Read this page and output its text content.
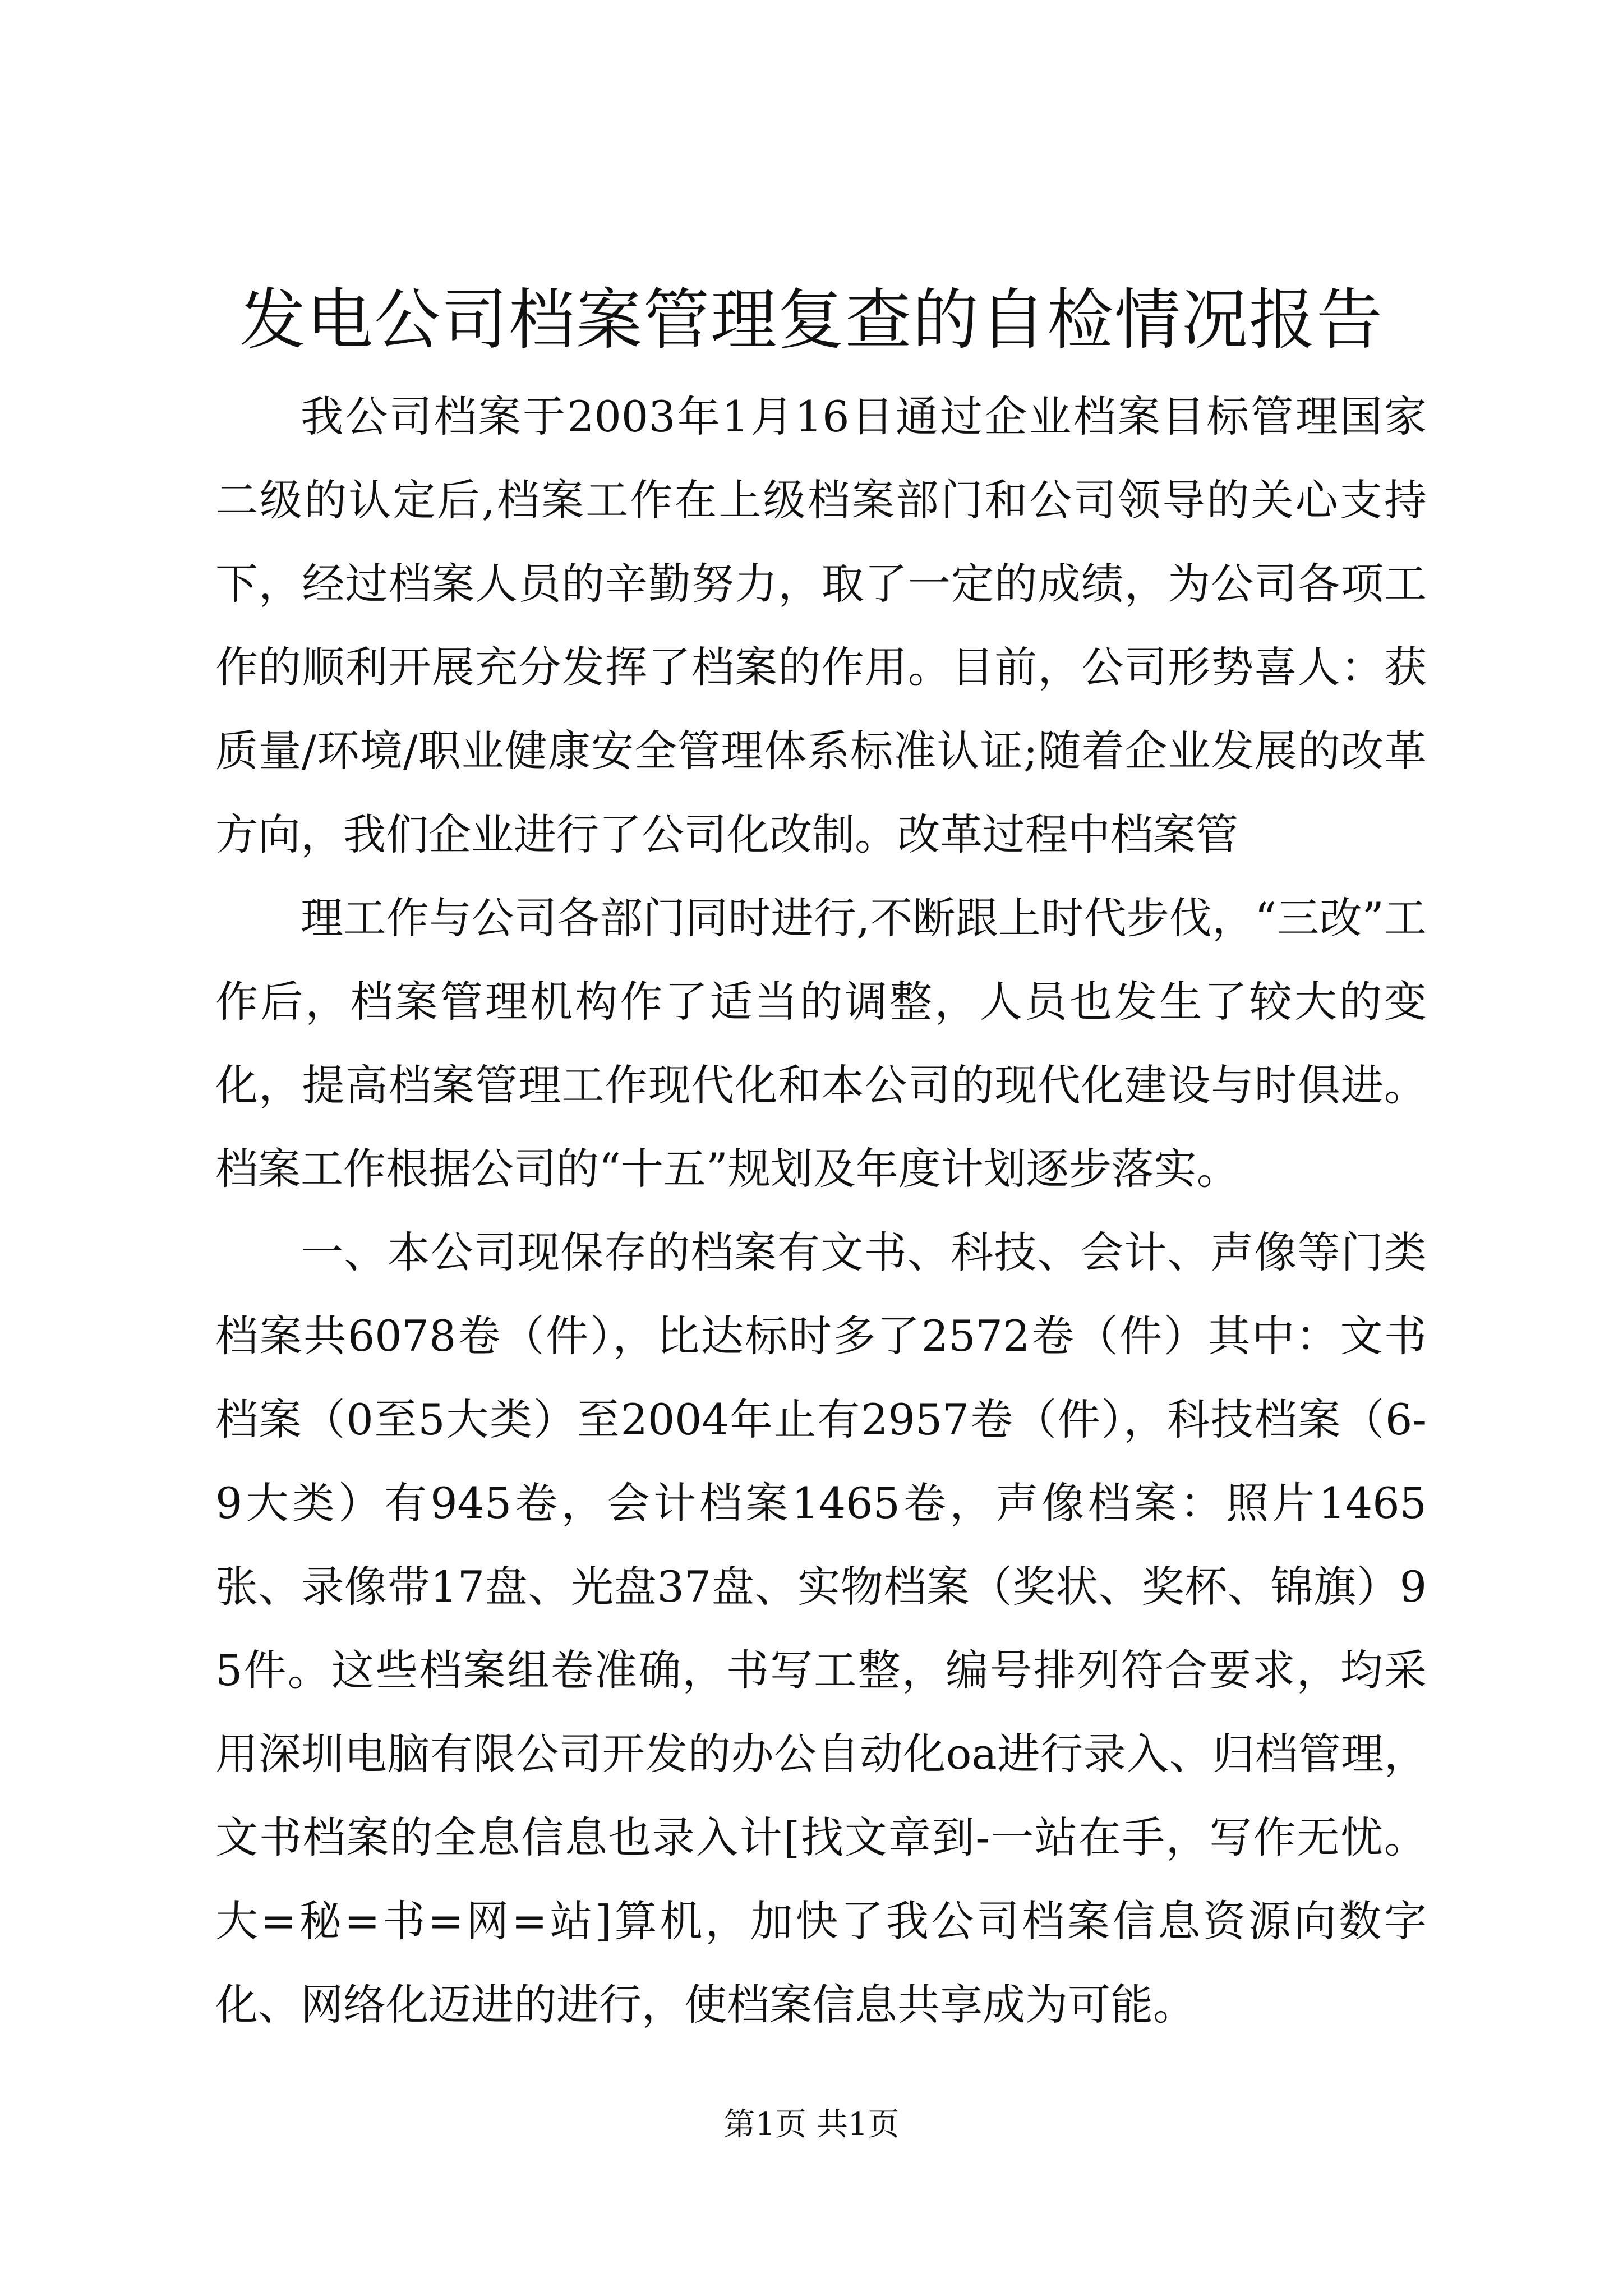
发电公司档案管理复查的自检情况报告

我公司档案于2003年1月16日通过企业档案目标管理国家二级的认定后,档案工作在上级档案部门和公司领导的关心支持下，经过档案人员的辛勤努力，取了一定的成绩，为公司各项工作的顺利开展充分发挥了档案的作用。目前，公司形势喜人：获质量/环境/职业健康安全管理体系标准认证;随着企业发展的改革方向，我们企业进行了公司化改制。改革过程中档案管

理工作与公司各部门同时进行,不断跟上时代步伐，“三改”工作后，档案管理机构作了适当的调整，人员也发生了较大的变化，提高档案管理工作现代化和本公司的现代化建设与时俱进。档案工作根据公司的“十五”规划及年度计划逐步落实。

一、本公司现保存的档案有文书、科技、会计、声像等门类档案共6078卷（件），比达标时多了2572卷（件）其中：文书档案（0至5大类）至2004年止有2957卷（件），科技档案（6-9大类）有945卷，会计档案1465卷，声像档案：照片1465张、录像带17盘、光盘37盘、实物档案（奖状、奖杯、锦旗）95件。这些档案组卷准确，书写工整，编号排列符合要求，均采用深圳电脑有限公司开发的办公自动化oa进行录入、归档管理，文书档案的全息信息也录入计[找文章到-一站在手，写作无忧。大=秘=书=网=站]算机，加快了我公司档案信息资源向数字化、网络化迈进的进行，使档案信息共享成为可能。

第1页 共1页
